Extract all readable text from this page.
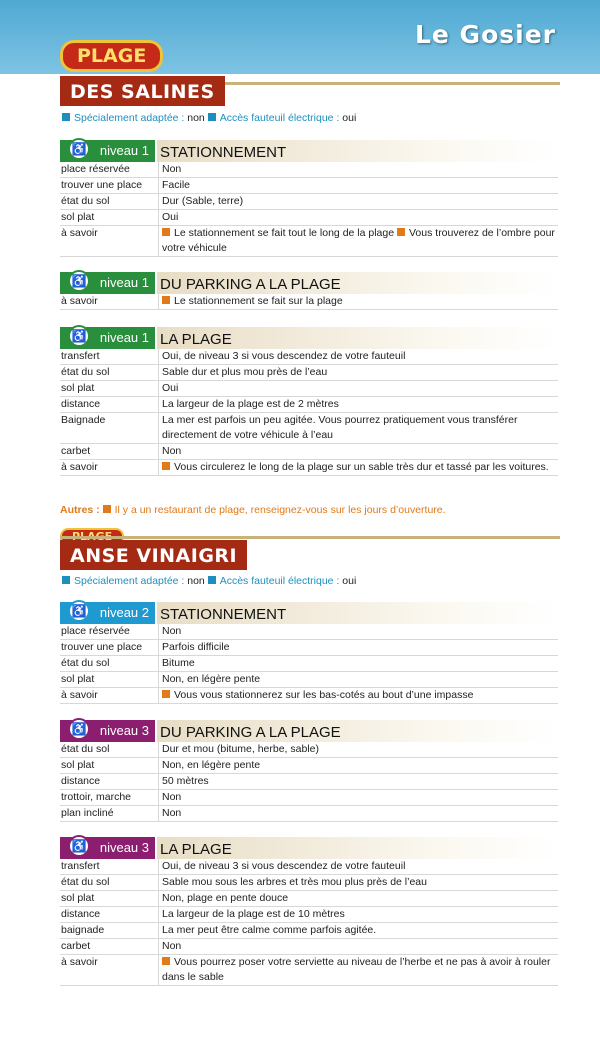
Le Gosier
PLAGE
DES SALINES
Spécialement adaptée : non Accès fauteuil électrique : oui
♿ niveau 1 STATIONNEMENT
place réservée	Non
trouver une place	Facile
état du sol	Dur (Sable, terre)
sol plat	Oui
à savoir	Le stationnement se fait tout le long de la plage Vous trouverez de l’ombre pour votre véhicule
♿ niveau 1 DU PARKING A LA PLAGE
à savoir	Le stationnement se fait sur la plage
♿ niveau 1 LA PLAGE
transfert	Oui, de niveau 3 si vous descendez de votre fauteuil
état du sol	Sable dur et plus mou près de l’eau
sol plat	Oui
distance	La largeur de la plage est de 2 mètres
Baignade	La mer est parfois un peu agitée. Vous pourrez pratiquement vous transférer directement de votre véhicule à l’eau
carbet	Non
à savoir	Vous circulerez le long de la plage sur un sable très dur et tassé par les voitures.
Autres : Il y a un restaurant de plage, renseignez-vous sur les jours d’ouverture.
ANSE VINAIGRI
Spécialement adaptée : non Accès fauteuil électrique : oui
♿ niveau 2 STATIONNEMENT
place réservée	Non
trouver une place	Parfois difficile
état du sol	Bitume
sol plat	Non, en légère pente
à savoir	Vous vous stationnerez sur les bas-cotés au bout d’une impasse
♿ niveau 3 DU PARKING A LA PLAGE
état du sol	Dur et mou (bitume, herbe, sable)
sol plat	Non, en légère pente
distance	50 mètres
trottoir, marche	Non
plan incliné	Non
♿ niveau 3 LA PLAGE
transfert	Oui, de niveau 3 si vous descendez de votre fauteuil
état du sol	Sable mou sous les arbres et très mou plus près de l’eau
sol plat	Non, plage en pente douce
distance	La largeur de la plage est de 10 mètres
baignade	La mer peut être calme comme parfois agitée.
carbet	Non
à savoir	Vous pourrez poser votre serviette au niveau de l’herbe et ne pas à avoir à rouler dans le sable
